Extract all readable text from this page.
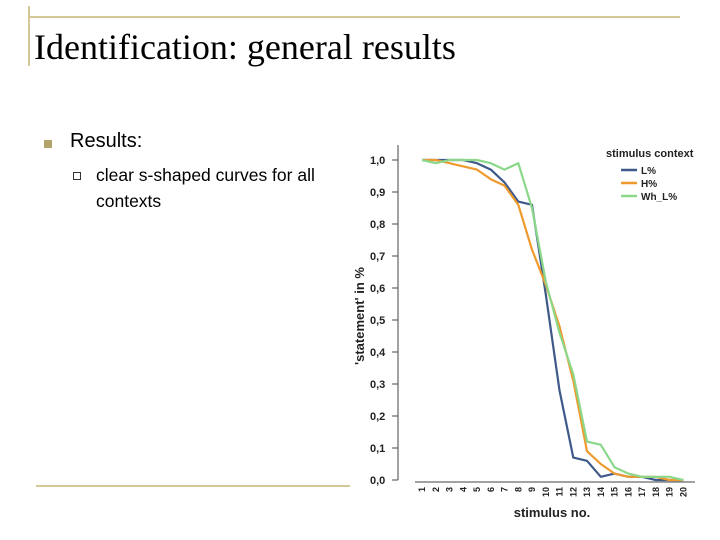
Identification: general results
Results:
clear s-shaped curves for all contexts
0,0
0,1
0,2
0,3
0,4
0,5
0,6
0,7
0,8
0,9
1,0
'statement' in %
1 2 3 4 5 6 7 8 9 10 11 12 13 14 15 16 17 18 19 20
stimulus no.
stimulus context
L%
H%
Wh_L%
